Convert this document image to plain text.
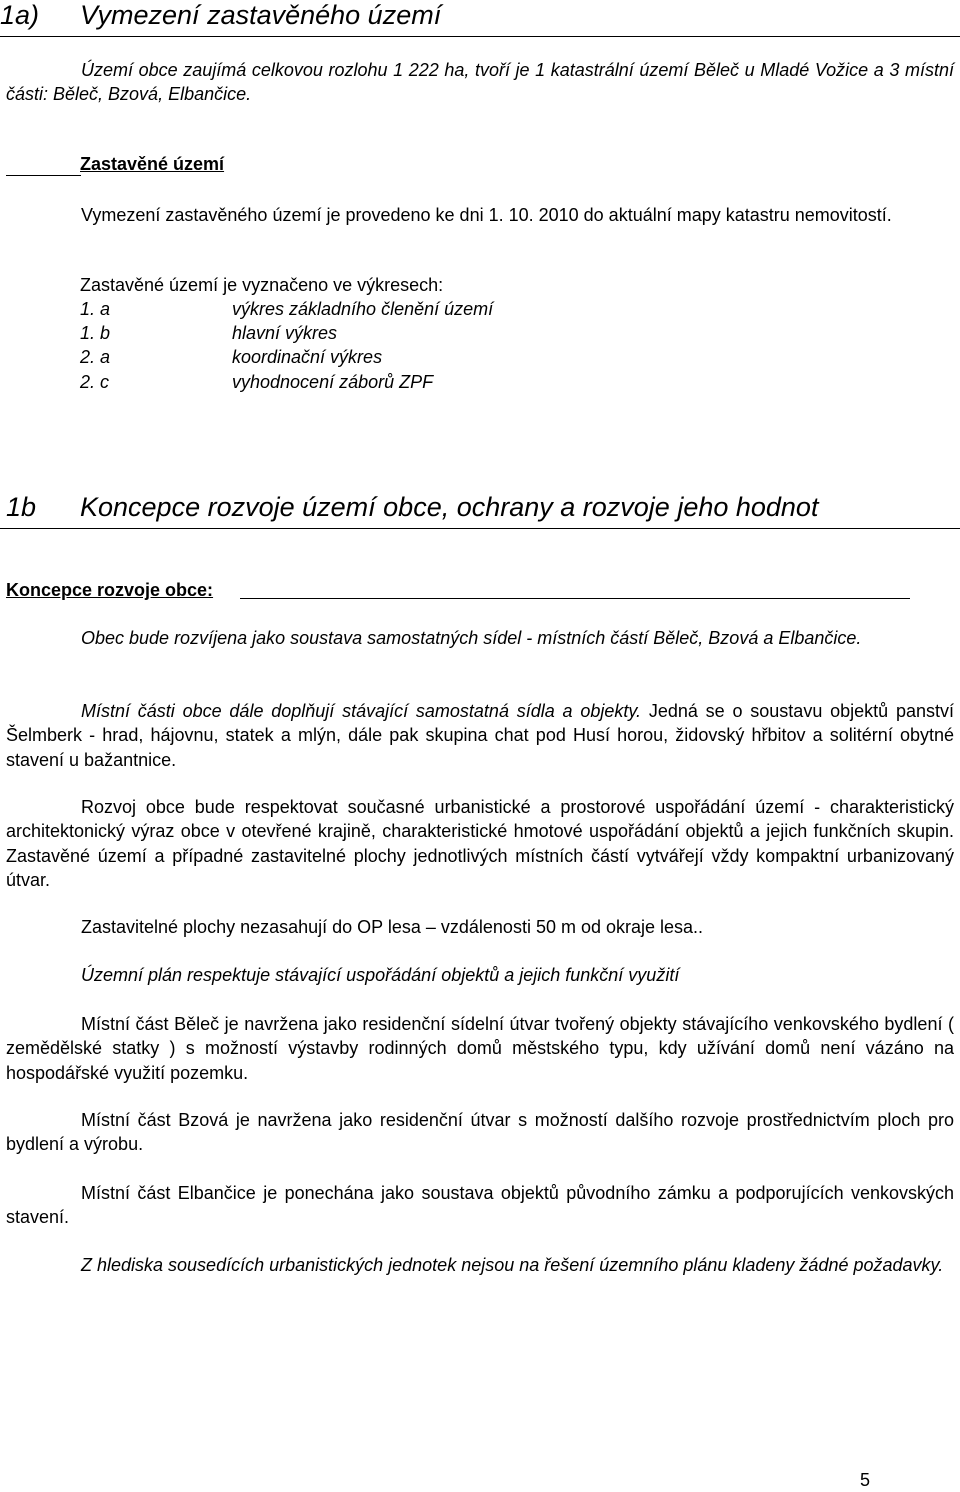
1a) Vymezení zastavěného území
Území obce zaujímá celkovou rozlohu 1 222 ha, tvoří je 1 katastrální území Běleč u Mladé Vožice a 3 místní části: Běleč, Bzová, Elbančice.
Zastavěné území
Vymezení zastavěného území je provedeno ke dni 1. 10. 2010 do aktuální mapy katastru nemovitostí.
Zastavěné území je vyznačeno ve výkresech:
1. a	výkres základního členění území
1. b	hlavní výkres
2. a	koordinační výkres
2. c	vyhodnocení záborů ZPF
1b Koncepce rozvoje území obce, ochrany a rozvoje jeho hodnot
Koncepce rozvoje obce:
Obec bude rozvíjena jako soustava samostatných sídel - místních částí Běleč, Bzová a Elbančice.
Místní části obce dále doplňují stávající samostatná sídla a objekty. Jedná se o soustavu objektů panství Šelmberk - hrad, hájovnu, statek a mlýn, dále pak skupina chat pod Husí horou, židovský hřbitov a solitérní obytné stavení u bažantnice.
Rozvoj obce bude respektovat současné urbanistické a prostorové uspořádání území - charakteristický architektonický výraz obce v otevřené krajině, charakteristické hmotové uspořádání objektů a jejich funkčních skupin. Zastavěné území a případné zastavitelné plochy jednotlivých místních částí vytvářejí vždy kompaktní urbanizovaný útvar.
Zastavitelné plochy nezasahují do OP lesa – vzdálenosti 50 m od okraje lesa..
Územní plán respektuje stávající uspořádání objektů a jejich funkční využití
Místní část Běleč je navržena jako residenční sídelní útvar tvořený objekty stávajícího venkovského bydlení ( zemědělské statky ) s možností výstavby rodinných domů městského typu, kdy užívání domů není vázáno na hospodářské využití pozemku.
Místní část Bzová je navržena jako residenční útvar s možností dalšího rozvoje prostřednictvím ploch pro bydlení a výrobu.
Místní část Elbančice je ponechána jako soustava objektů původního zámku a podporujících venkovských stavení.
Z hlediska sousedících urbanistických jednotek nejsou na řešení územního plánu kladeny žádné požadavky.
5
